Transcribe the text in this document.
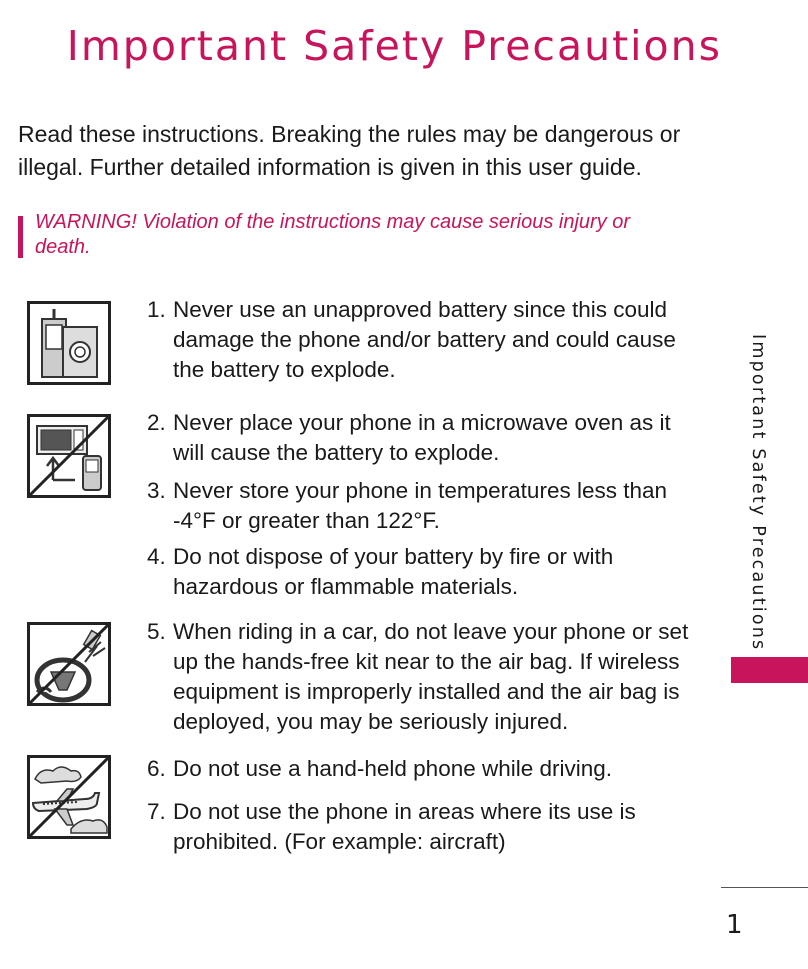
Important Safety Precautions

Read these instructions. Breaking the rules may be dangerous or illegal. Further detailed information is given in this user guide.

WARNING! Violation of the instructions may cause serious injury or death.

1. Never use an unapproved battery since this could damage the phone and/or battery and could cause the battery to explode.
2. Never place your phone in a microwave oven as it will cause the battery to explode.
3. Never store your phone in temperatures less than -4°F or greater than 122°F.
4. Do not dispose of your battery by fire or with hazardous or flammable materials.
5. When riding in a car, do not leave your phone or set up the hands-free kit near to the air bag. If wireless equipment is improperly installed and the air bag is deployed, you may be seriously injured.
6. Do not use a hand-held phone while driving.
7. Do not use the phone in areas where its use is prohibited. (For example: aircraft)
Important Safety Precautions
1
